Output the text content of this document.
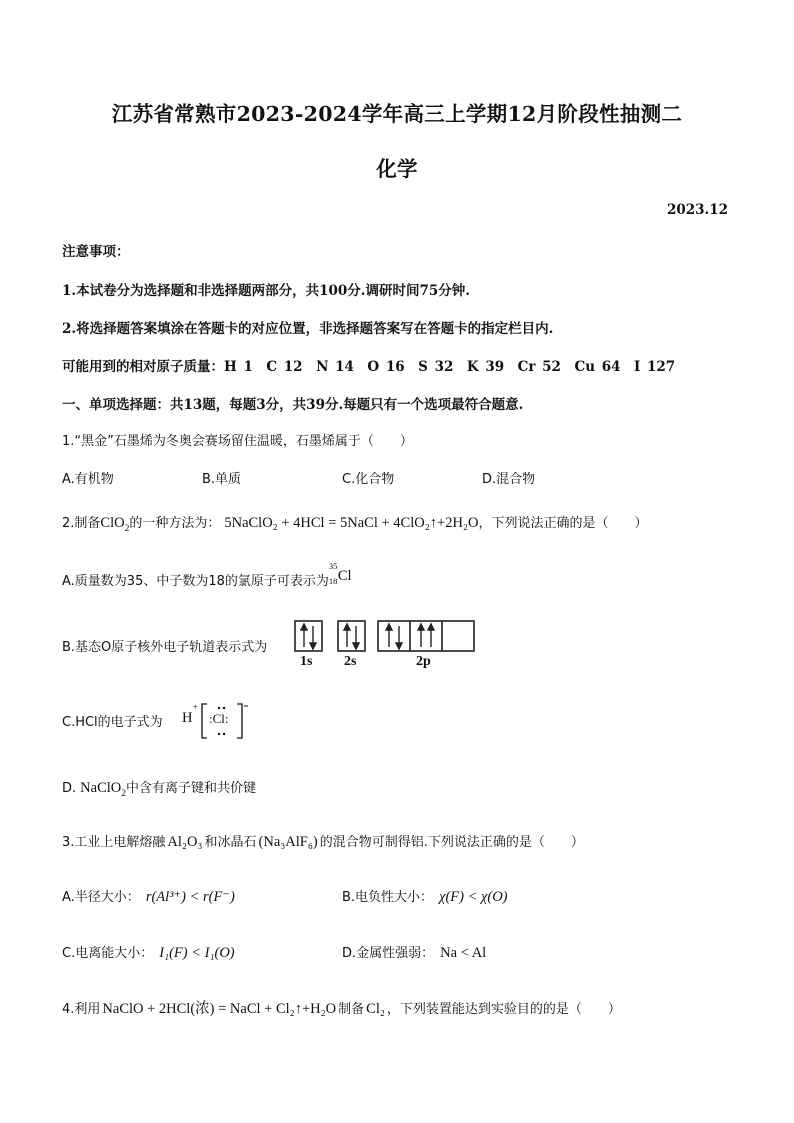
江苏省常熟市2023-2024学年高三上学期12月阶段性抽测二
化学
2023.12
注意事项：
1.本试卷分为选择题和非选择题两部分，共100分.调研时间75分钟.
2.将选择题答案填涂在答题卡的对应位置，非选择题答案写在答题卡的指定栏目内.
可能用到的相对原子质量：H 1　C 12　N 14　O 16　S 32　K 39　Cr 52　Cu 64　I 127
一、单项选择题：共13题，每题3分，共39分.每题只有一个选项最符合题意.
1.“黑金”石墨烯为冬奥会赛场留住温暖，石墨烯属于（　　）
A.有机物	B.单质	C.化合物	D.混合物
2.制备ClO$_2$的一种方法为： 5NaClO₂ + 4HCl = 5NaCl + 4ClO₂↑+2H₂O，下列说法正确的是（　　）
A.质量数为35、中子数为18的氯原子可表示为
35
18 Cl
B.基态O原子核外电子轨道表示式为
1s 2s	2p
C.HCl的电子式为 H+
:Cl:
D. NaClO$_2$中含有离子键和共价键
3.工业上电解熔融 Al₂O₃ 和冰晶石 (Na₃AlF₆) 的混合物可制得铝.下列说法正确的是（　　）
A.半径大小： r(Al³⁺) < r(F⁻)	B.电负性大小： χ(F) < χ(O)
C.电离能大小： I₁(F) < I₁(O)	D.金属性强弱： Na < Al
4.利用 NaClO + 2HCl(浓) = NaCl + Cl₂↑+H₂O 制备 Cl₂ ，下列装置能达到实验目的的是（　　）
